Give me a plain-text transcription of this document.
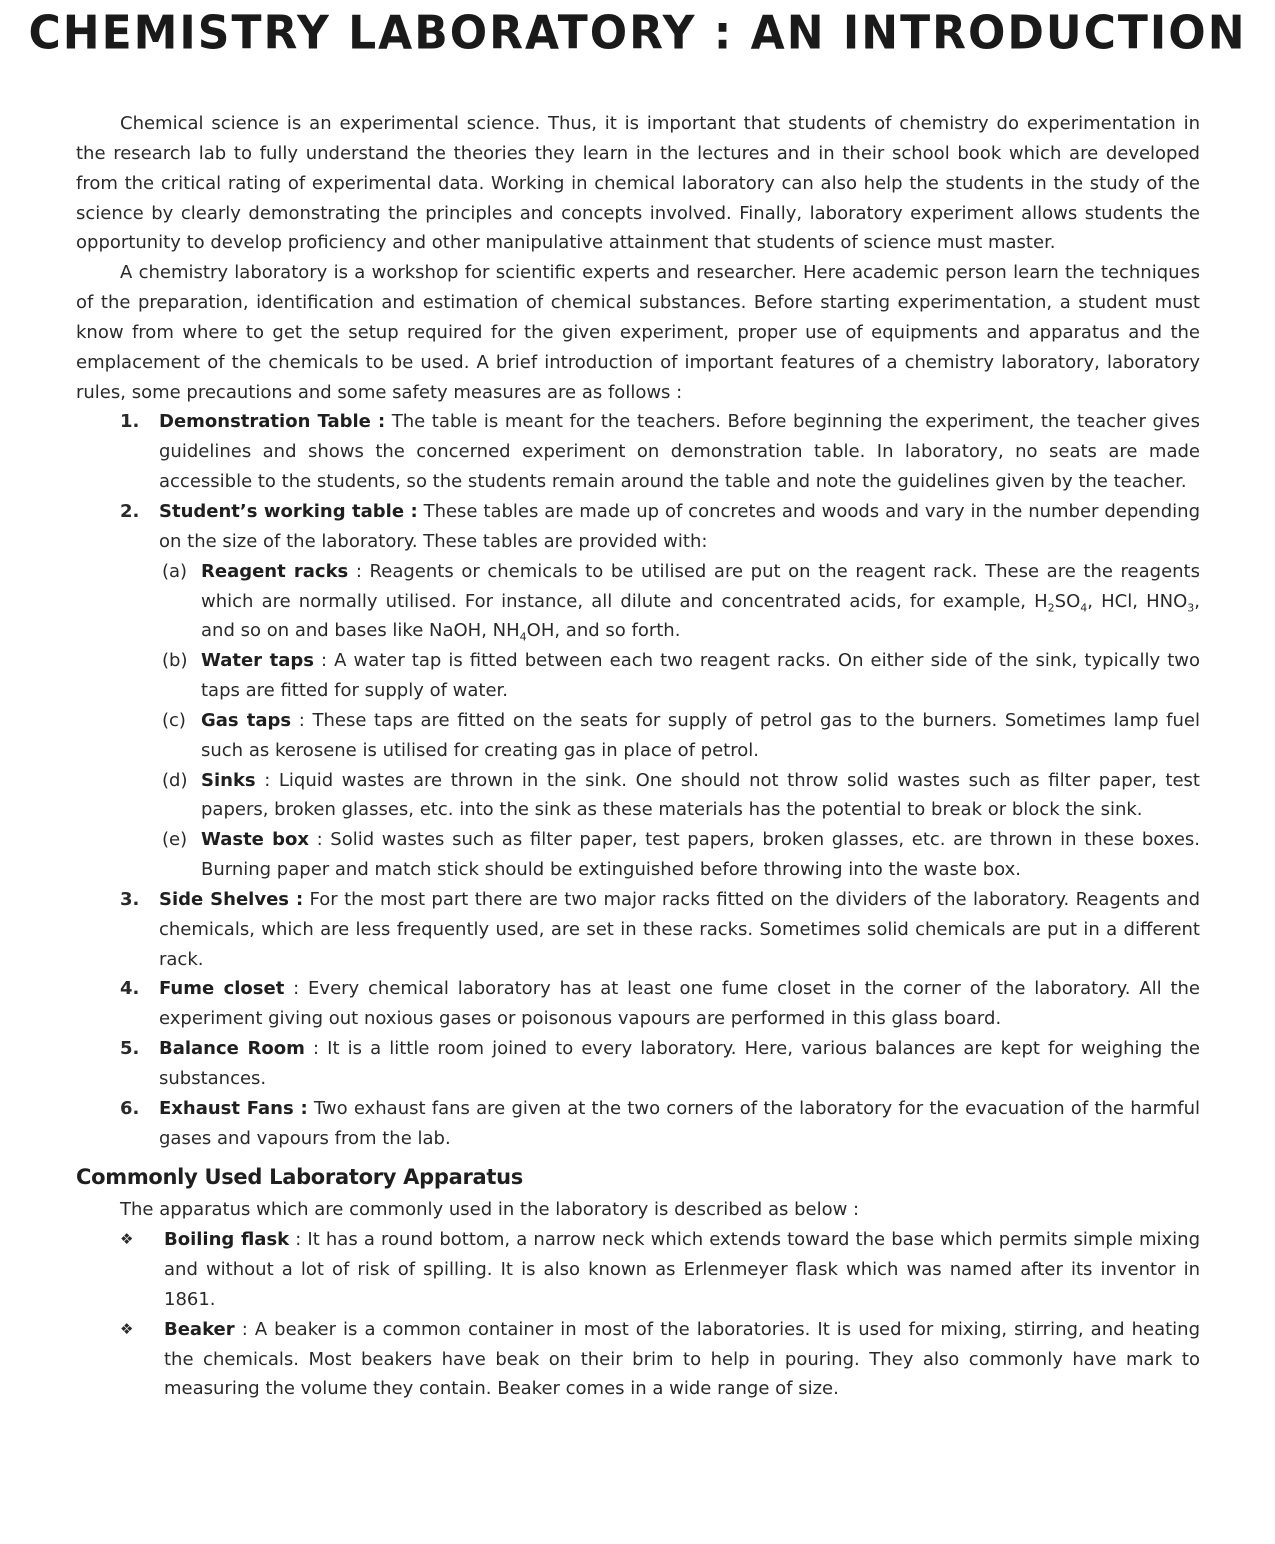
CHEMISTRY LABORATORY : AN INTRODUCTION

Chemical science is an experimental science. Thus, it is important that students of chemistry do experimentation in the research lab to fully understand the theories they learn in the lectures and in their school book which are developed from the critical rating of experimental data. Working in chemical laboratory can also help the students in the study of the science by clearly demonstrating the principles and concepts involved. Finally, laboratory experiment allows students the opportunity to develop proficiency and other manipulative attainment that students of science must master.

A chemistry laboratory is a workshop for scientific experts and researcher. Here academic person learn the techniques of the preparation, identification and estimation of chemical substances. Before starting experimentation, a student must know from where to get the setup required for the given experiment, proper use of equipments and apparatus and the emplacement of the chemicals to be used. A brief introduction of important features of a chemistry laboratory, laboratory rules, some precautions and some safety measures are as follows :

1. Demonstration Table : The table is meant for the teachers. Before beginning the experiment, the teacher gives guidelines and shows the concerned experiment on demonstration table. In laboratory, no seats are made accessible to the students, so the students remain around the table and note the guidelines given by the teacher.
2. Student’s working table : These tables are made up of concretes and woods and vary in the number depending on the size of the laboratory. These tables are provided with:
(a) Reagent racks : Reagents or chemicals to be utilised are put on the reagent rack. These are the reagents which are normally utilised. For instance, all dilute and concentrated acids, for example, $H_2SO_4$, HCl, $HNO_3$, and so on and bases like NaOH, $NH_4OH$, and so forth.
(b) Water taps : A water tap is fitted between each two reagent racks. On either side of the sink, typically two taps are fitted for supply of water.
(c) Gas taps : These taps are fitted on the seats for supply of petrol gas to the burners. Sometimes lamp fuel such as kerosene is utilised for creating gas in place of petrol.
(d) Sinks : Liquid wastes are thrown in the sink. One should not throw solid wastes such as filter paper, test papers, broken glasses, etc. into the sink as these materials has the potential to break or block the sink.
(e) Waste box : Solid wastes such as filter paper, test papers, broken glasses, etc. are thrown in these boxes. Burning paper and match stick should be extinguished before throwing into the waste box.
3. Side Shelves : For the most part there are two major racks fitted on the dividers of the laboratory. Reagents and chemicals, which are less frequently used, are set in these racks. Sometimes solid chemicals are put in a different rack.
4. Fume closet : Every chemical laboratory has at least one fume closet in the corner of the laboratory. All the experiment giving out noxious gases or poisonous vapours are performed in this glass board.
5. Balance Room : It is a little room joined to every laboratory. Here, various balances are kept for weighing the substances.
6. Exhaust Fans : Two exhaust fans are given at the two corners of the laboratory for the evacuation of the harmful gases and vapours from the lab.
Commonly Used Laboratory Apparatus

The apparatus which are commonly used in the laboratory is described as below :

❖ Boiling flask : It has a round bottom, a narrow neck which extends toward the base which permits simple mixing and without a lot of risk of spilling. It is also known as Erlenmeyer flask which was named after its inventor in 1861.
❖ Beaker : A beaker is a common container in most of the laboratories. It is used for mixing, stirring, and heating the chemicals. Most beakers have beak on their brim to help in pouring. They also commonly have mark to measuring the volume they contain. Beaker comes in a wide range of size.
